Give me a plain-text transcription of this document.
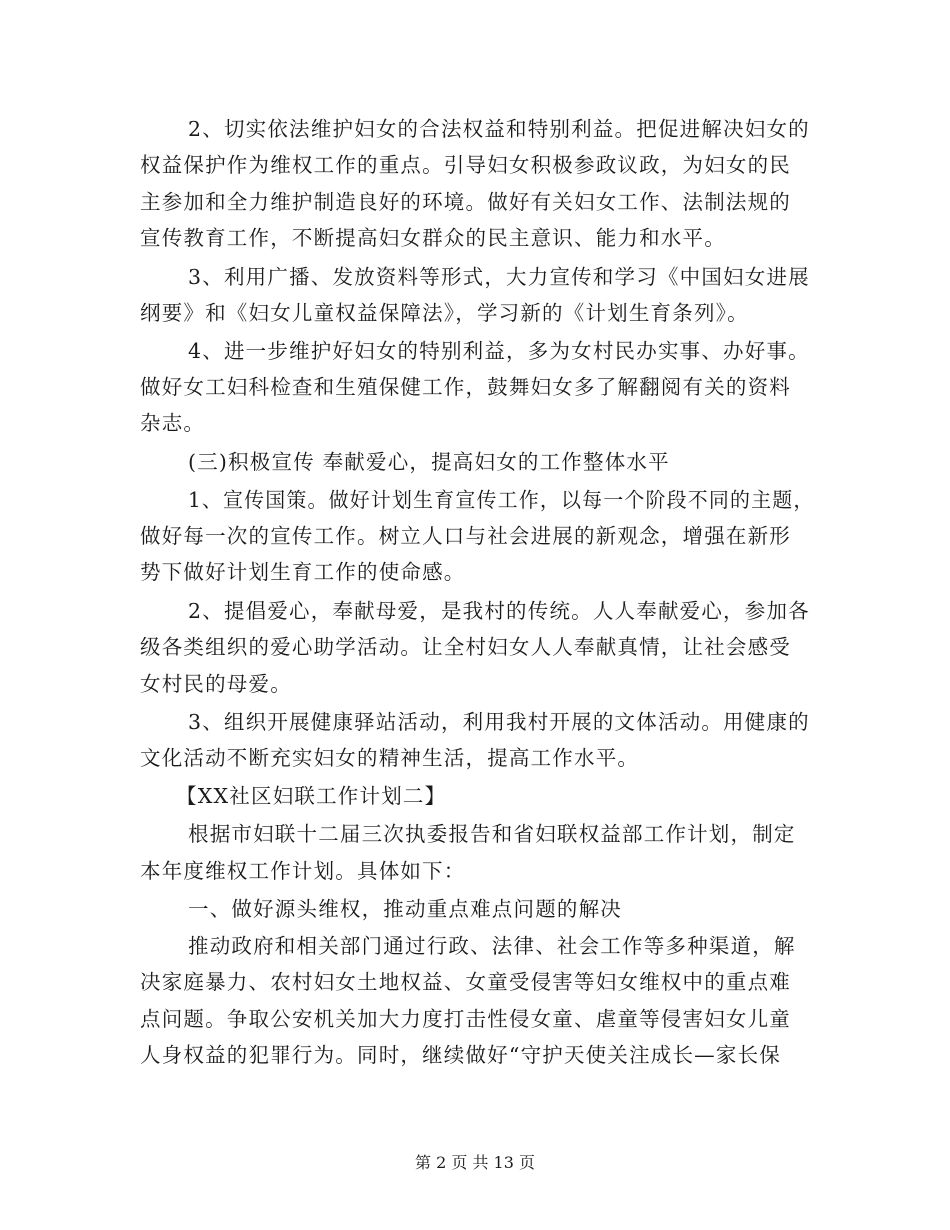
2、切实依法维护妇女的合法权益和特别利益。把促进解决妇女的
权益保护作为维权工作的重点。引导妇女积极参政议政，为妇女的民
主参加和全力维护制造良好的环境。做好有关妇女工作、法制法规的
宣传教育工作，不断提高妇女群众的民主意识、能力和水平。
3、利用广播、发放资料等形式，大力宣传和学习《中国妇女进展
纲要》和《妇女儿童权益保障法》，学习新的《计划生育条列》。
4、进一步维护好妇女的特别利益，多为女村民办实事、办好事。
做好女工妇科检查和生殖保健工作，鼓舞妇女多了解翻阅有关的资料
杂志。
(三)积极宣传 奉献爱心，提高妇女的工作整体水平
1、宣传国策。做好计划生育宣传工作，以每一个阶段不同的主题，
做好每一次的宣传工作。树立人口与社会进展的新观念，增强在新形
势下做好计划生育工作的使命感。
2、提倡爱心，奉献母爱，是我村的传统。人人奉献爱心，参加各
级各类组织的爱心助学活动。让全村妇女人人奉献真情，让社会感受
女村民的母爱。
3、组织开展健康驿站活动，利用我村开展的文体活动。用健康的
文化活动不断充实妇女的精神生活，提高工作水平。
【XX社区妇联工作计划二】
根据市妇联十二届三次执委报告和省妇联权益部工作计划，制定
本年度维权工作计划。具体如下：
一、做好源头维权，推动重点难点问题的解决
推动政府和相关部门通过行政、法律、社会工作等多种渠道，解
决家庭暴力、农村妇女土地权益、女童受侵害等妇女维权中的重点难
点问题。争取公安机关加大力度打击性侵女童、虐童等侵害妇女儿童
人身权益的犯罪行为。同时，继续做好“守护天使关注成长—家长保
第 2 页 共 13 页
